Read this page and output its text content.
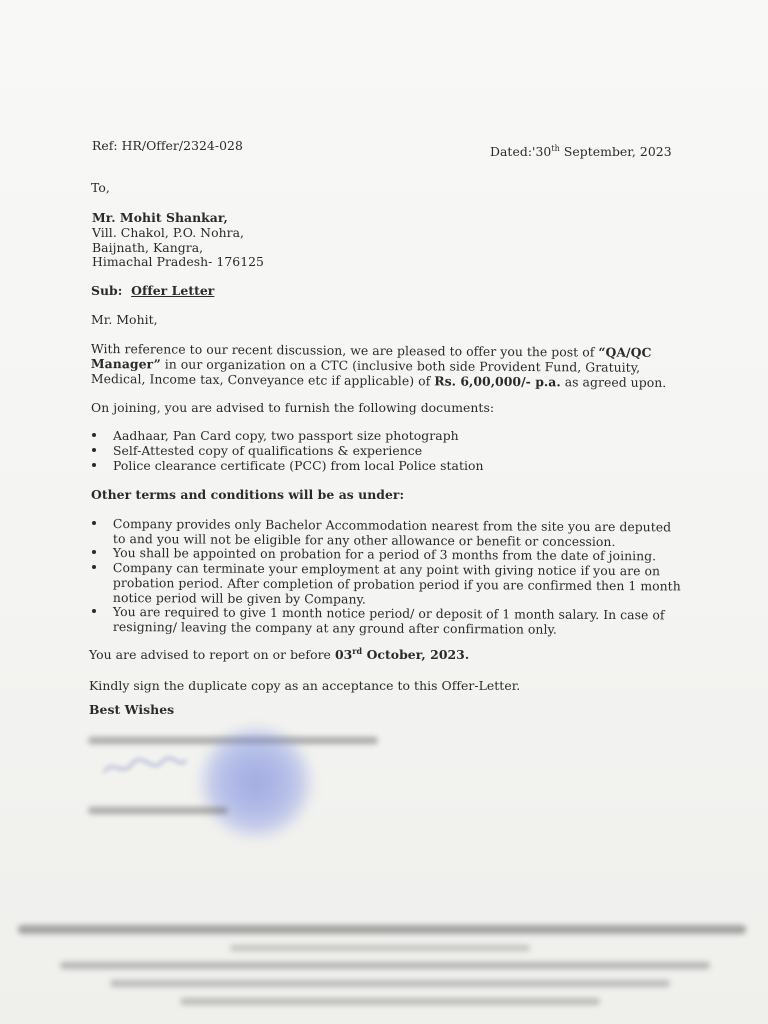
Ref: HR/Offer/2324-028	Dated:'30th September, 2023
To,
Mr. Mohit Shankar,
Vill. Chakol, P.O. Nohra,
Baijnath, Kangra,
Himachal Pradesh- 176125
Sub: Offer Letter
Mr. Mohit,
With reference to our recent discussion, we are pleased to offer you the post of “QA/QC
Manager” in our organization on a CTC (inclusive both side Provident Fund, Gratuity,
Medical, Income tax, Conveyance etc if applicable) of Rs. 6,00,000/- p.a. as agreed upon.
On joining, you are advised to furnish the following documents:
Aadhaar, Pan Card copy, two passport size photograph
Self-Attested copy of qualifications & experience
Police clearance certificate (PCC) from local Police station
Other terms and conditions will be as under:
Company provides only Bachelor Accommodation nearest from the site you are deputed
to and you will not be eligible for any other allowance or benefit or concession.
You shall be appointed on probation for a period of 3 months from the date of joining.
Company can terminate your employment at any point with giving notice if you are on
probation period. After completion of probation period if you are confirmed then 1 month
notice period will be given by Company.
You are required to give 1 month notice period/ or deposit of 1 month salary. In case of
resigning/ leaving the company at any ground after confirmation only.
You are advised to report on or before 03rd October, 2023.
Kindly sign the duplicate copy as an acceptance to this Offer-Letter.
Best Wishes
